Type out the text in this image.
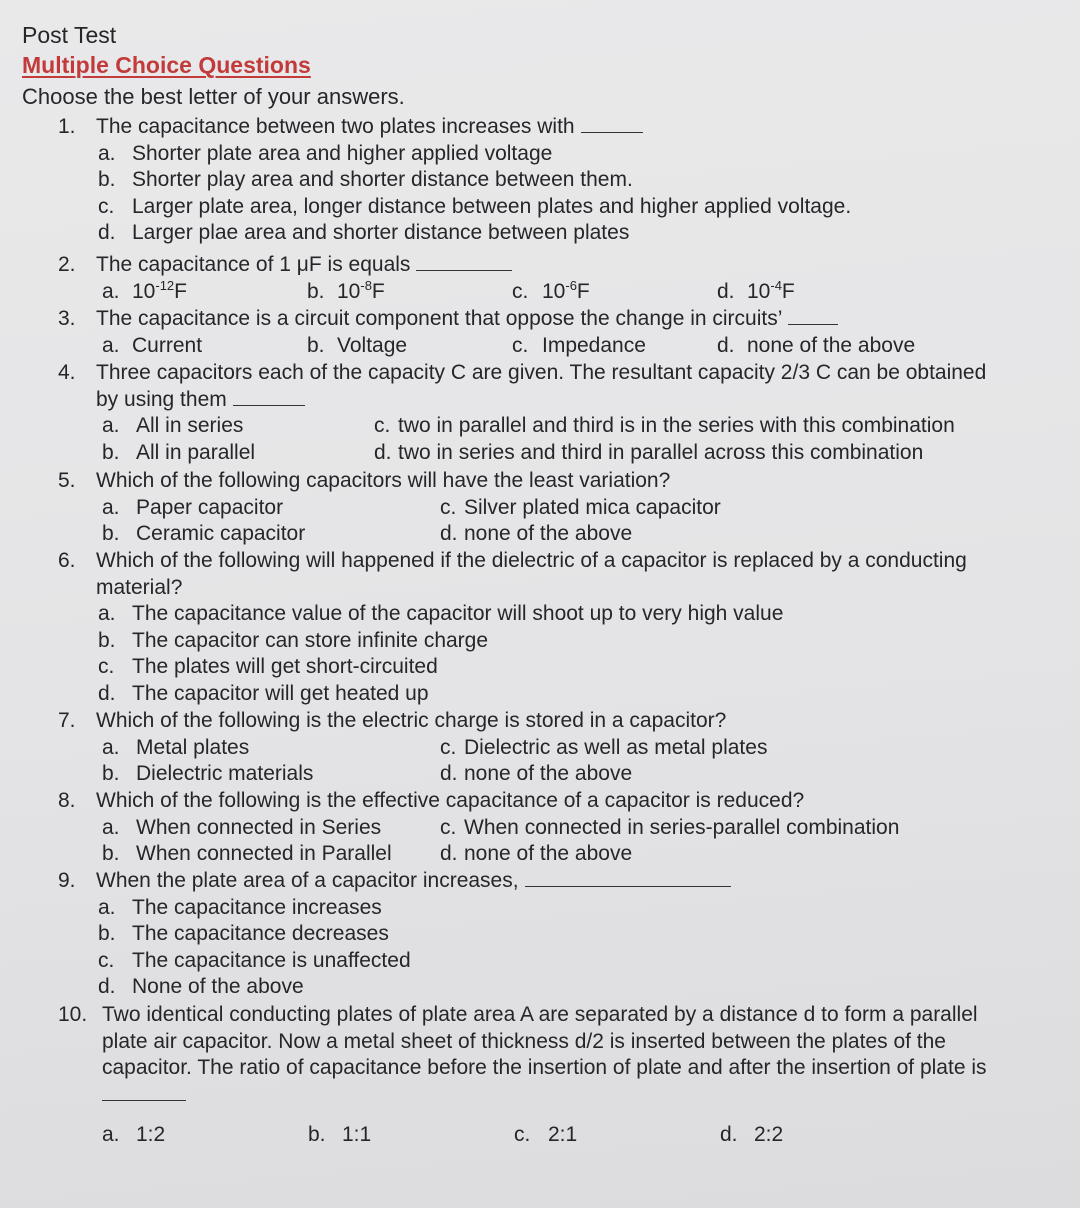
Post Test
Multiple Choice Questions
Choose the best letter of your answers.
1. The capacitance between two plates increases with
a. Shorter plate area and higher applied voltage
b. Shorter play area and shorter distance between them.
c. Larger plate area, longer distance between plates and higher applied voltage.
d. Larger plae area and shorter distance between plates
2. The capacitance of 1 μF is equals
a. $10^{-12}F$	b. $10^{-8}F$	c. $10^{-6}F$	d. $10^{-4}F$
3. The capacitance is a circuit component that oppose the change in circuits’
a. Current	b. Voltage	c. Impedance	d. none of the above
4. Three capacitors each of the capacity C are given. The resultant capacity 2/3 C can be obtained
by using them
a. All in series
b. All in parallel
c. two in parallel and third is in the series with this combination
d. two in series and third in parallel across this combination
5. Which of the following capacitors will have the least variation?
a. Paper capacitor
b. Ceramic capacitor
c. Silver plated mica capacitor
d. none of the above
6. Which of the following will happened if the dielectric of a capacitor is replaced by a conducting
material?
a. The capacitance value of the capacitor will shoot up to very high value
b. The capacitor can store infinite charge
c. The plates will get short-circuited
d. The capacitor will get heated up
7. Which of the following is the electric charge is stored in a capacitor?
a. Metal plates
b. Dielectric materials
c. Dielectric as well as metal plates
d. none of the above
8. Which of the following is the effective capacitance of a capacitor is reduced?
a. When connected in Series
b. When connected in Parallel
c. When connected in series-parallel combination
d. none of the above
9. When the plate area of a capacitor increases,
a. The capacitance increases
b. The capacitance decreases
c. The capacitance is unaffected
d. None of the above
10. Two identical conducting plates of plate area A are separated by a distance d to form a parallel
plate air capacitor. Now a metal sheet of thickness d/2 is inserted between the plates of the
capacitor. The ratio of capacitance before the insertion of plate and after the insertion of plate is
a. 1:2	b. 1:1	c. 2:1	d. 2:2
